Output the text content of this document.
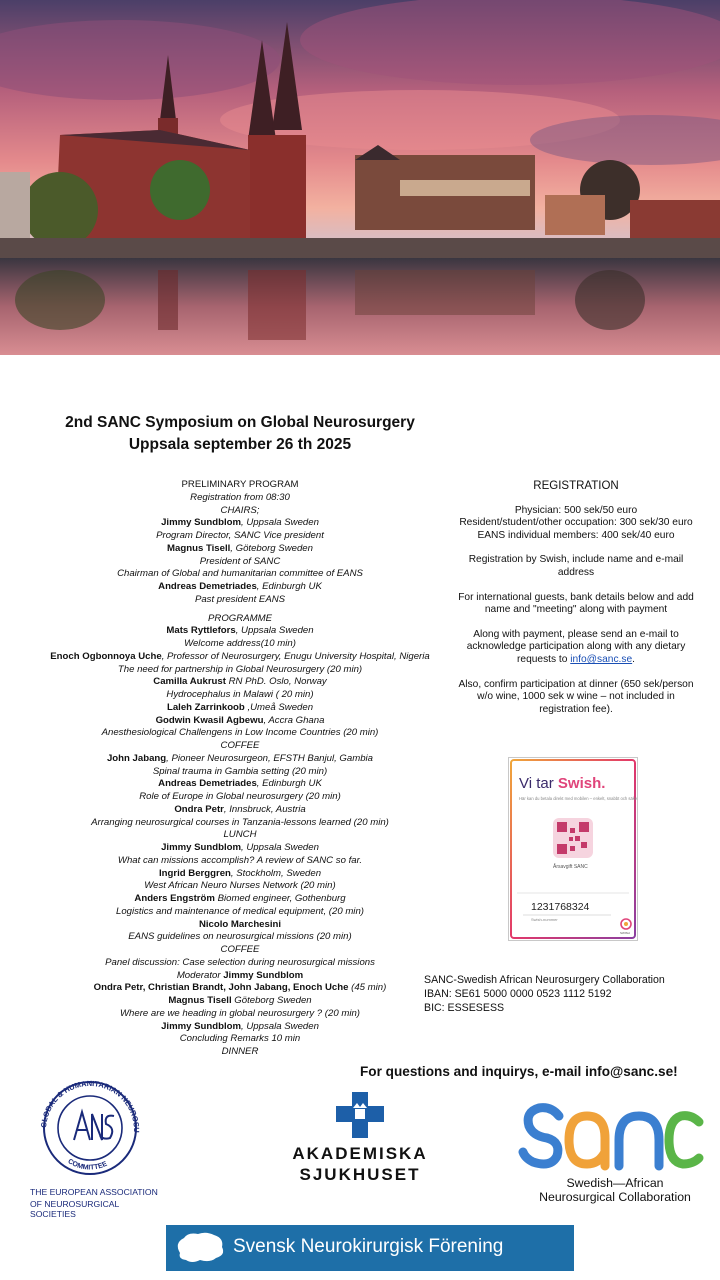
2nd SANC Symposium on Global Neurosurgery
Uppsala september 26 th 2025
PRELIMINARY PROGRAM
Registration from 08:30
CHAIRS;
Jimmy Sundblom, Uppsala Sweden
Program Director, SANC Vice president
Magnus Tisell, Göteborg Sweden
President of SANC
Chairman of Global and humanitarian committee of EANS
Andreas Demetriades, Edinburgh UK
Past president EANS
PROGRAMME
Mats Ryttlefors, Uppsala Sweden
Welcome address(10 min)
Enoch Ogbonnoya Uche, Professor of Neurosurgery, Enugu University Hospital, Nigeria
The need for partnership in Global Neurosurgery (20 min)
Camilla Aukrust RN PhD. Oslo, Norway
Hydrocephalus in Malawi ( 20 min)
Laleh Zarrinkoob ,Umeå Sweden
Godwin Kwasil Agbewu, Accra Ghana
Anesthesiological Challengens in Low Income Countries (20 min)
COFFEE
John Jabang, Pioneer Neurosurgeon, EFSTH Banjul, Gambia
Spinal trauma in Gambia setting (20 min)
Andreas Demetriades, Edinburgh UK
Role of Europe in Global neurosurgery (20 min)
Ondra Petr, Innsbruck, Austria
Arranging neurosurgical courses in Tanzania-lessons learned (20 min)
LUNCH
Jimmy Sundblom, Uppsala Sweden
What can missions accomplish? A review of SANC so far.
Ingrid Berggren, Stockholm, Sweden
West African Neuro Nurses Network (20 min)
Anders Engström Biomed engineer, Gothenburg
Logistics and maintenance of medical equipment, (20 min)
Nicolo Marchesini
EANS guidelines on neurosurgical missions (20 min)
COFFEE
Panel discussion: Case selection during neurosurgical missions
Moderator Jimmy Sundblom
Ondra Petr, Christian Brandt, John Jabang, Enoch Uche (45 min)
Magnus Tisell Göteborg Sweden
Where are we heading in global neurosurgery ? (20 min)
Jimmy Sundblom, Uppsala Sweden
Concluding Remarks 10 min
DINNER
REGISTRATION

Physician: 500 sek/50 euro
Resident/student/other occupation: 300 sek/30 euro
EANS individual members: 400 sek/40 euro

Registration by Swish, include name and e-mail address

For international guests, bank details below and add name and "meeting" along with payment

Along with payment, please send an e-mail to acknowledge participation along with any dietary requests to info@sanc.se.

Also, confirm participation at dinner (650 sek/person w/o wine, 1000 sek w wine – not included in registration fee).

Vi tar Swish.
Här kan du betala direkt med mobilen – enkelt, snabbt och säkert
Årsavgift SANC
1231768324
Swish-nummer
SWISH
SANC-Swedish African Neurosurgery Collaboration
IBAN: SE61 5000 0000 0523 1112 5192
BIC: ESSESESS
For questions and inquirys, e-mail info@sanc.se!
GLOBAL & HUMANITARIAN NEUROSU
COMMITTEE
THE EUROPEAN ASSOCIATION
OF NEUROSURGICAL SOCIETIES
AKADEMISKA
SJUKHUSET	Swedish—African
Neurosurgical Collaboration
Svensk Neurokirurgisk Förening
